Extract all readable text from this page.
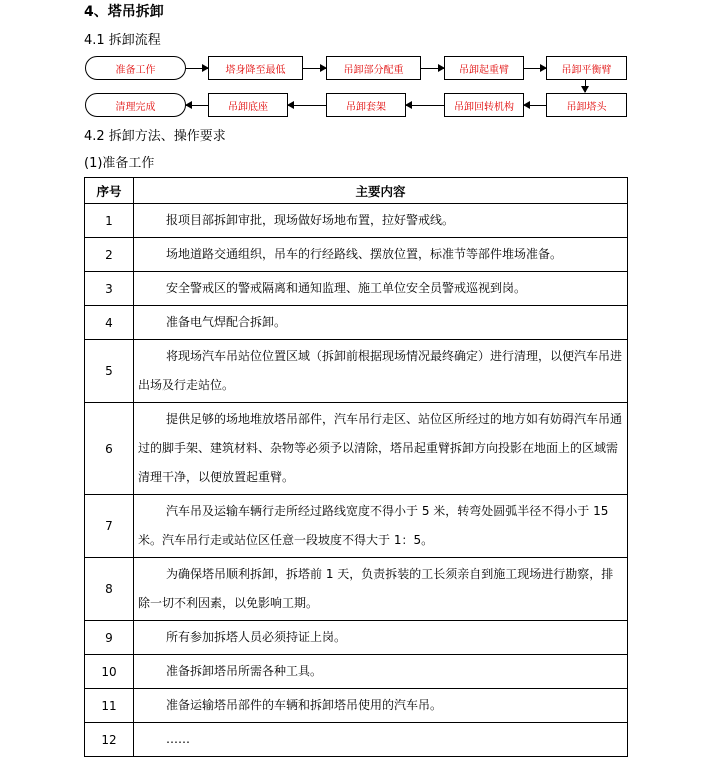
4、塔吊拆卸
4.1 拆卸流程
准备工作	塔身降至最低	吊卸部分配重	吊卸起重臂	吊卸平衡臂
清理完成	吊卸底座	吊卸套架	吊卸回转机构	吊卸塔头
4.2 拆卸方法、操作要求
(1)准备工作
序号	主要内容
1	报项目部拆卸审批，现场做好场地布置，拉好警戒线。
2	场地道路交通组织，吊车的行经路线、摆放位置，标准节等部件堆场准备。
3	安全警戒区的警戒隔离和通知监理、施工单位安全员警戒巡视到岗。
4	准备电气焊配合拆卸。
5	将现场汽车吊站位位置区域（拆卸前根据现场情况最终确定）进行清理，以便汽车吊进出场及行走站位。
6	提供足够的场地堆放塔吊部件，汽车吊行走区、站位区所经过的地方如有妨碍汽车吊通过的脚手架、建筑材料、杂物等必须予以清除，塔吊起重臂拆卸方向投影在地面上的区域需清理干净，以便放置起重臂。
7	汽车吊及运输车辆行走所经过路线宽度不得小于 5 米，转弯处圆弧半径不得小于 15 米。汽车吊行走或站位区任意一段坡度不得大于 1：5。
8	为确保塔吊顺利拆卸，拆塔前 1 天，负责拆装的工长须亲自到施工现场进行勘察，排除一切不利因素，以免影响工期。
9	所有参加拆塔人员必须持证上岗。
10	准备拆卸塔吊所需各种工具。
11	准备运输塔吊部件的车辆和拆卸塔吊使用的汽车吊。
12	……
